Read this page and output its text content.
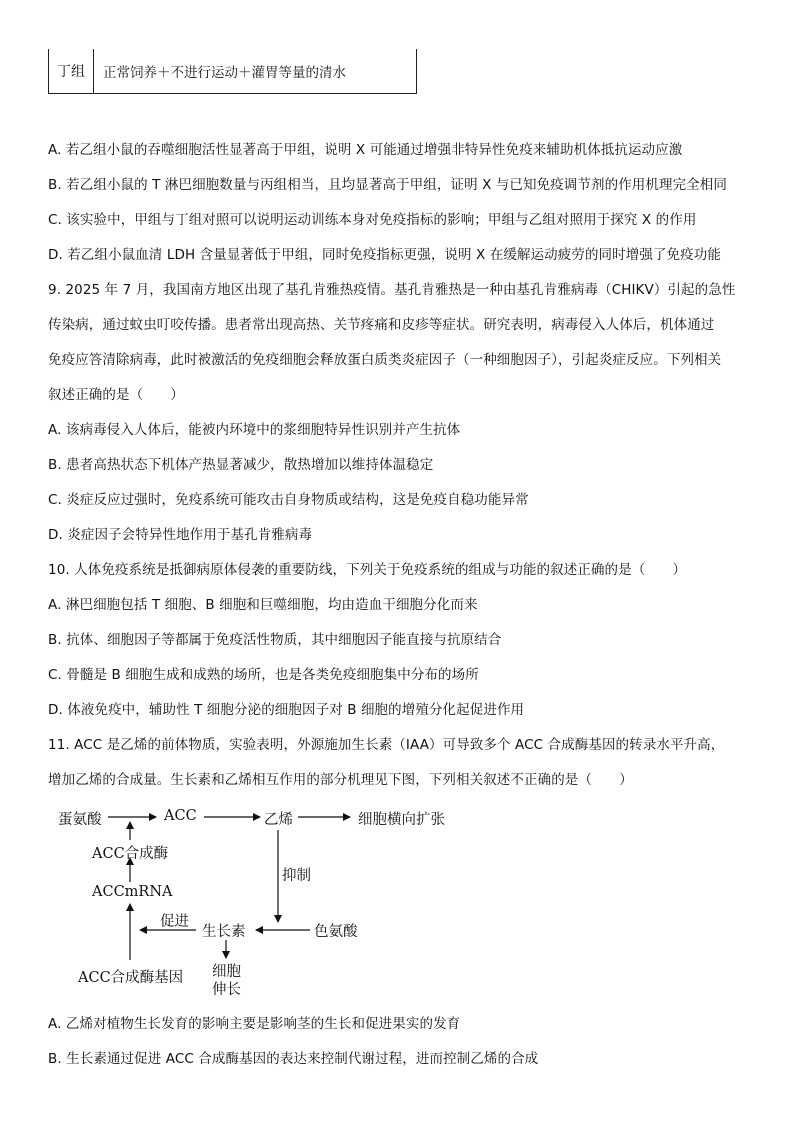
丁组	正常饲养＋不进行运动＋灌胃等量的清水
A. 若乙组小鼠的吞噬细胞活性显著高于甲组，说明 X 可能通过增强非特异性免疫来辅助机体抵抗运动应激
B. 若乙组小鼠的 T 淋巴细胞数量与丙组相当，且均显著高于甲组，证明 X 与已知免疫调节剂的作用机理完全相同
C. 该实验中，甲组与丁组对照可以说明运动训练本身对免疫指标的影响；甲组与乙组对照用于探究 X 的作用
D. 若乙组小鼠血清 LDH 含量显著低于甲组，同时免疫指标更强，说明 X 在缓解运动疲劳的同时增强了免疫功能
9. 2025 年 7 月，我国南方地区出现了基孔肯雅热疫情。基孔肯雅热是一种由基孔肯雅病毒（CHIKV）引起的急性
传染病，通过蚊虫叮咬传播。患者常出现高热、关节疼痛和皮疹等症状。研究表明，病毒侵入人体后，机体通过
免疫应答清除病毒，此时被激活的免疫细胞会释放蛋白质类炎症因子（一种细胞因子），引起炎症反应。下列相关
叙述正确的是（　　）
A. 该病毒侵入人体后，能被内环境中的浆细胞特异性识别并产生抗体
B. 患者高热状态下机体产热显著减少，散热增加以维持体温稳定
C. 炎症反应过强时，免疫系统可能攻击自身物质或结构，这是免疫自稳功能异常
D. 炎症因子会特异性地作用于基孔肯雅病毒
10. 人体免疫系统是抵御病原体侵袭的重要防线，下列关于免疫系统的组成与功能的叙述正确的是（　　）
A. 淋巴细胞包括 T 细胞、B 细胞和巨噬细胞，均由造血干细胞分化而来
B. 抗体、细胞因子等都属于免疫活性物质，其中细胞因子能直接与抗原结合
C. 骨髓是 B 细胞生成和成熟的场所，也是各类免疫细胞集中分布的场所
D. 体液免疫中，辅助性 T 细胞分泌的细胞因子对 B 细胞的增殖分化起促进作用
11. ACC 是乙烯的前体物质，实验表明，外源施加生长素（IAA）可导致多个 ACC 合成酶基因的转录水平升高，
增加乙烯的合成量。生长素和乙烯相互作用的部分机理见下图，下列相关叙述不正确的是（　　）
蛋氨酸	ACC	乙烯	细胞横向扩张
ACC合成酶
ACCmRNA
抑制
促进
生长素	色氨酸
ACC合成酶基因 细胞
伸长
A. 乙烯对植物生长发育的影响主要是影响茎的生长和促进果实的发育
B. 生长素通过促进 ACC 合成酶基因的表达来控制代谢过程，进而控制乙烯的合成
